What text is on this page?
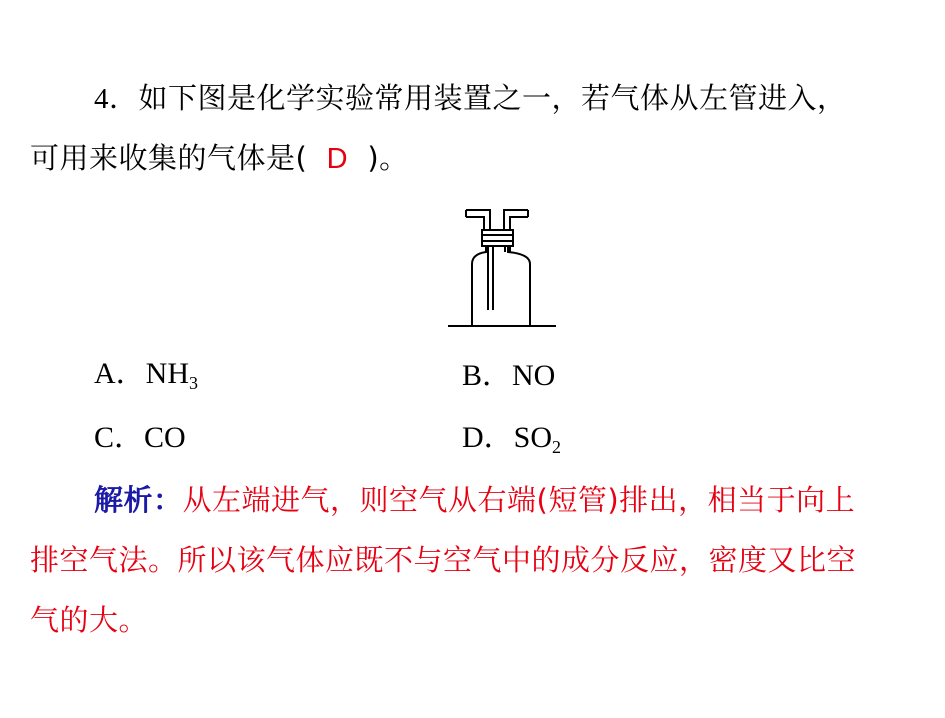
4．如下图是化学实验常用装置之一，若气体从左管进入，
可用来收集的气体是( D )。
A．$NH_3$	B．NO
C．CO	D．$SO_2$
解析：从左端进气，则空气从右端(短管)排出，相当于向上
排空气法。所以该气体应既不与空气中的成分反应，密度又比空
气的大。
